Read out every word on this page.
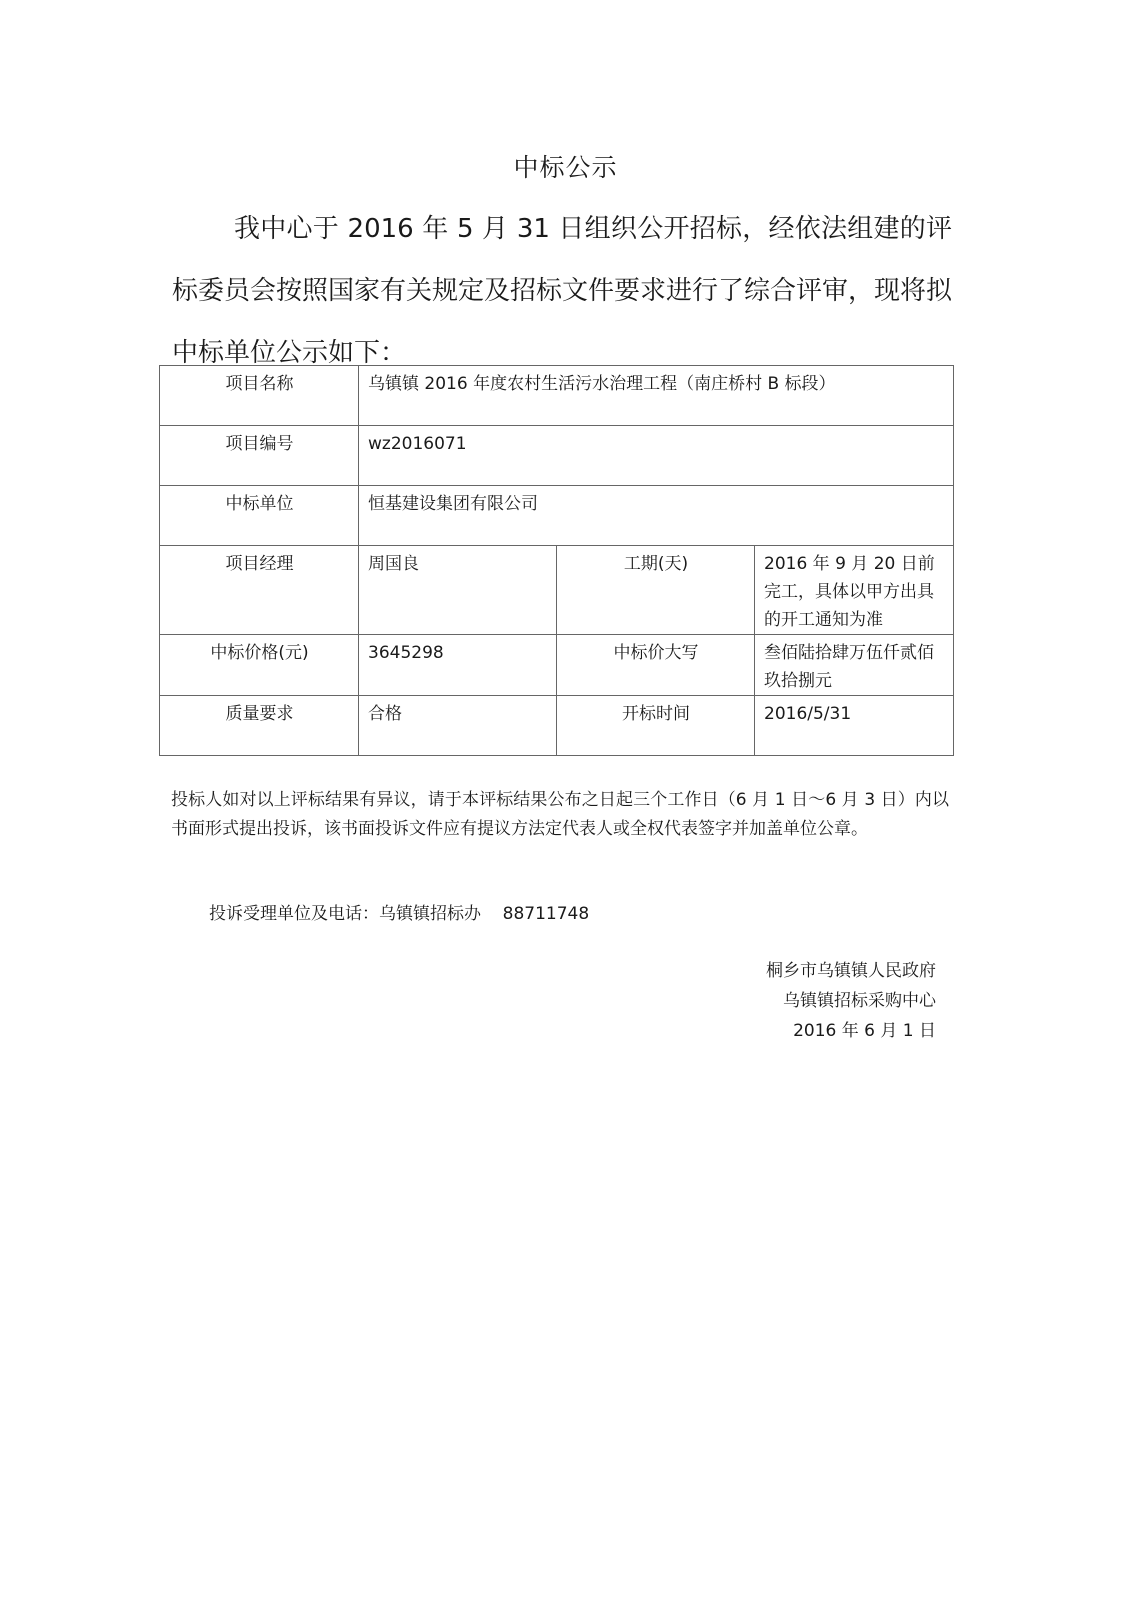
中标公示
我中心于 2016 年 5 月 31 日组织公开招标，经依法组建的评标委员会按照国家有关规定及招标文件要求进行了综合评审，现将拟中标单位公示如下：
项目名称	乌镇镇 2016 年度农村生活污水治理工程（南庄桥村 B 标段）		
项目编号	wz2016071		
中标单位	恒基建设集团有限公司		
项目经理	周国良	工期(天)	2016 年 9 月 20 日前完工，具体以甲方出具的开工通知为准
中标价格(元)	3645298	中标价大写	叁佰陆拾肆万伍仟贰佰玖拾捌元
质量要求	合格	开标时间	2016/5/31
投标人如对以上评标结果有异议，请于本评标结果公布之日起三个工作日（6 月 1 日～6 月 3 日）内以书面形式提出投诉，该书面投诉文件应有提议方法定代表人或全权代表签字并加盖单位公章。
投诉受理单位及电话：乌镇镇招标办 88711748
桐乡市乌镇镇人民政府
乌镇镇招标采购中心
2016 年 6 月 1 日
